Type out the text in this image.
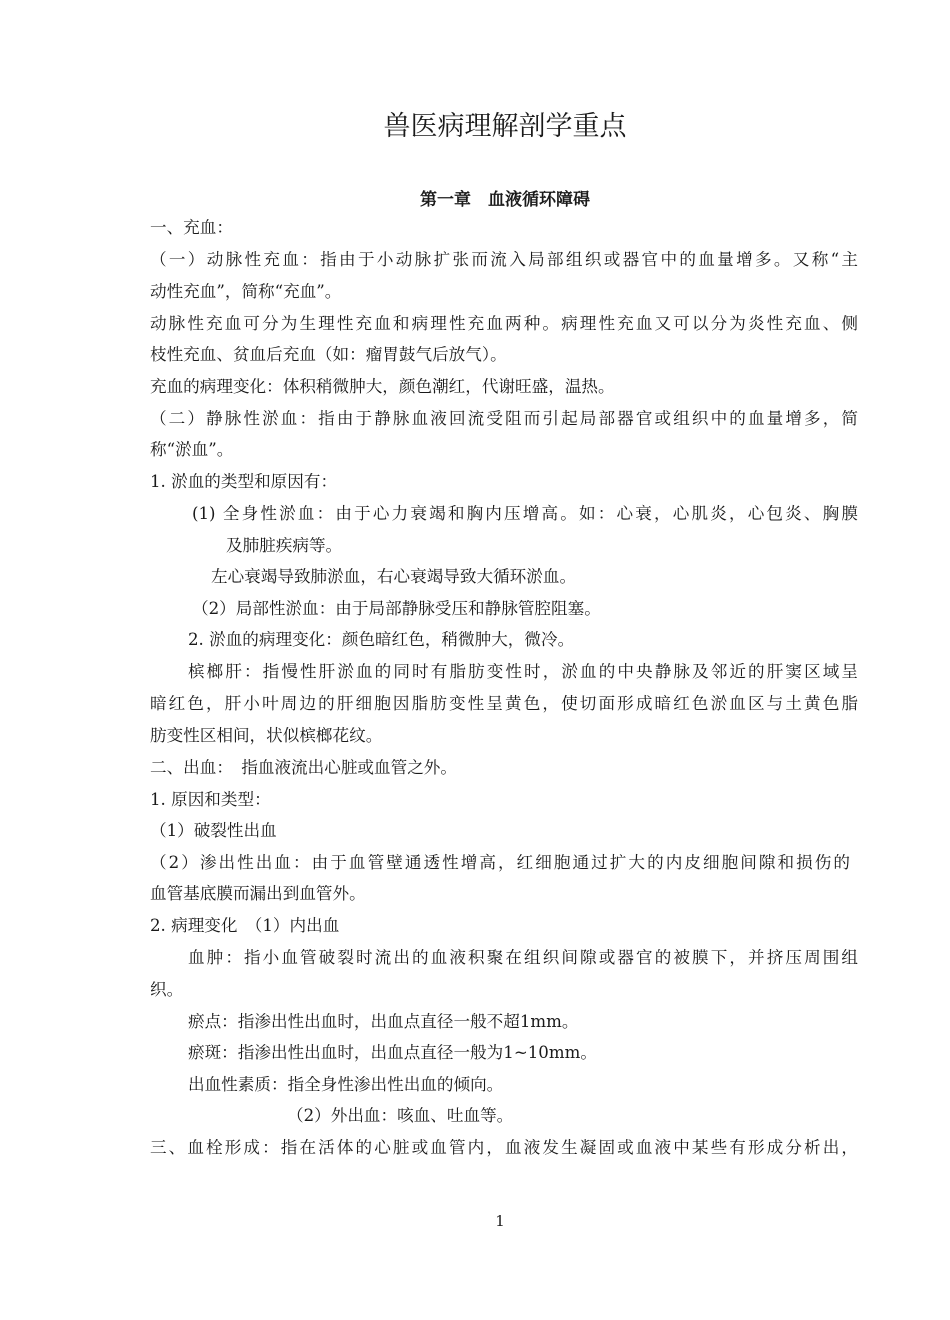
兽医病理解剖学重点
第一章　血液循环障碍
一、充血：
（一）动脉性充血：指由于小动脉扩张而流入局部组织或器官中的血量增多。又称“主
动性充血”，简称“充血”。
动脉性充血可分为生理性充血和病理性充血两种。病理性充血又可以分为炎性充血、侧
枝性充血、贫血后充血（如：瘤胃鼓气后放气）。
充血的病理变化：体积稍微肿大，颜色潮红，代谢旺盛，温热。
（二）静脉性淤血：指由于静脉血液回流受阻而引起局部器官或组织中的血量增多，简
称“淤血”。
1. 淤血的类型和原因有：
(1) 全身性淤血：由于心力衰竭和胸内压增高。如：心衰，心肌炎，心包炎、胸膜
及肺脏疾病等。
左心衰竭导致肺淤血，右心衰竭导致大循环淤血。
（2）局部性淤血：由于局部静脉受压和静脉管腔阻塞。
2. 淤血的病理变化：颜色暗红色，稍微肿大，微冷。
槟榔肝：指慢性肝淤血的同时有脂肪变性时，淤血的中央静脉及邻近的肝窦区域呈
暗红色，肝小叶周边的肝细胞因脂肪变性呈黄色，使切面形成暗红色淤血区与土黄色脂
肪变性区相间，状似槟榔花纹。
二、出血：　指血液流出心脏或血管之外。
1. 原因和类型：
（1）破裂性出血
（2）渗出性出血：由于血管壁通透性增高，红细胞通过扩大的内皮细胞间隙和损伤的
血管基底膜而漏出到血管外。
2. 病理变化　（1）内出血
血肿：指小血管破裂时流出的血液积聚在组织间隙或器官的被膜下，并挤压周围组
织。
瘀点：指渗出性出血时，出血点直径一般不超1mm。
瘀斑：指渗出性出血时，出血点直径一般为1~10mm。
出血性素质：指全身性渗出性出血的倾向。
（2）外出血：咳血、吐血等。
三、血栓形成：指在活体的心脏或血管内，血液发生凝固或血液中某些有形成分析出，
1
